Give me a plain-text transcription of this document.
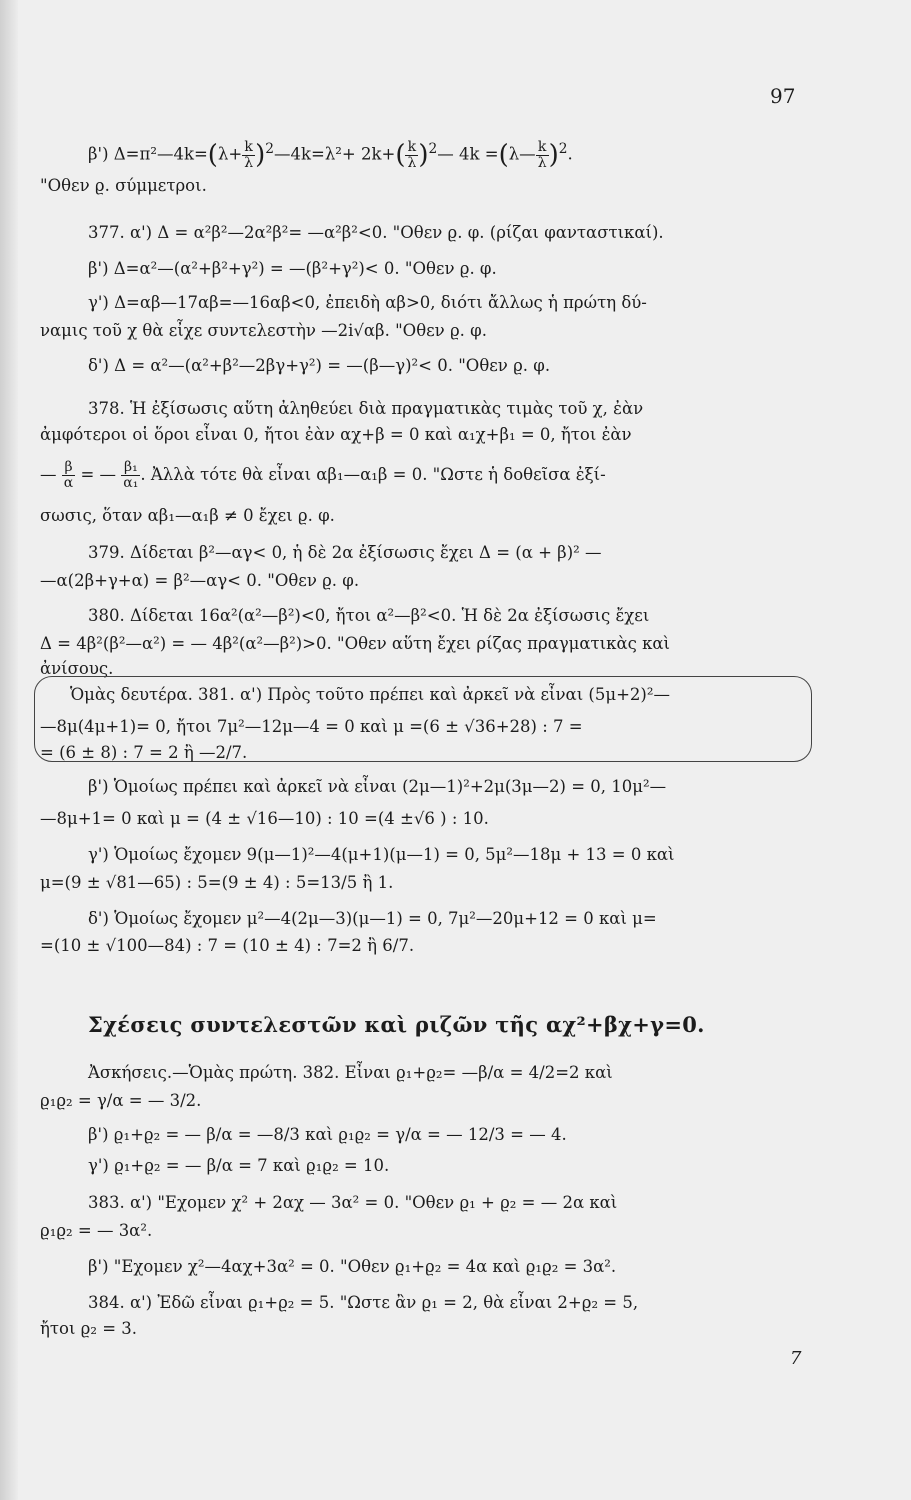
97
β') Δ=π²—4k=(λ+ $\frac{k}{\lambda}$ )$^2$—4k=λ²+ $2k+( \frac{k}{\lambda}$ )$^2—$ 4k =(λ— $\frac{k}{\lambda} )^2$.
"Οθεν ϱ. σύμμετροι.
377. α') Δ = α²β²—2α²β²= —α²β²<0. "Οθεν ϱ. φ. (ρίζαι φανταστικαί).
β') Δ=α²—(α²+β²+γ²) = —(β²+γ²)< 0. "Οθεν ϱ. φ.
γ') Δ=αβ—17αβ=—16αβ<0, ἐπειδὴ αβ>0, διότι ἄλλως ἡ πρώτη δύ-
ναμις τοῦ χ θὰ εἶχε συντελεστὴν —2i√αβ. "Οθεν ϱ. φ.
δ') Δ = α²—(α²+β²—2βγ+γ²) = —(β—γ)²< 0. "Οθεν ϱ. φ.
378. Ἡ ἐξίσωσις αὕτη ἀληθεύει διὰ πραγματικὰς τιμὰς τοῦ χ, ἐὰν
ἀμφότεροι οἱ ὅροι εἶναι 0, ἤτοι ἐὰν αχ+β = 0 καὶ α₁χ+β₁ = 0, ἤτοι ἐὰν
— $\frac{\beta}{\alpha}$ = — $\frac{\text{β₁}}{\text{α₁}}$ . Ἀλλὰ τότε θὰ εἶναι αβ₁—α₁β = 0. "Ωστε ἡ δοθεῖσα ἐξί-
σωσις, ὅταν αβ₁—α₁β ≠ 0 ἔχει ϱ. φ.
379. Δίδεται β²—αγ< 0, ἡ δὲ 2α ἐξίσωσις ἔχει Δ = (α + β)² —
—α(2β+γ+α) = β²—αγ< 0. "Οθεν ϱ. φ.
380. Δίδεται 16α²(α²—β²)<0, ἤτοι α²—β²<0. Ἡ δὲ 2α ἐξίσωσις ἔχει
Δ = 4β²(β²—α²) = — 4β²(α²—β²)>0. "Οθεν αὕτη ἔχει ρίζας πραγματικὰς καὶ
ἀνίσους.
Ὁμὰς δευτέρα. 381. α') Πρὸς τοῦτο πρέπει καὶ ἀρκεῖ νὰ εἶναι (5μ+2)²—
—8μ(4μ+1)= 0, ἤτοι 7μ²—12μ—4 = 0 καὶ μ =(6 ± √36+28) : 7 =
= (6 ± 8) : 7 = 2 ἢ —2/7.
β') Ὁμοίως πρέπει καὶ ἀρκεῖ νὰ εἶναι (2μ—1)²+2μ(3μ—2) = 0, 10μ²—
—8μ+1= 0 καὶ μ = (4 ± √16—10) : 10 =(4 ±√6 ) : 10.
γ') Ὁμοίως ἔχομεν 9(μ—1)²—4(μ+1)(μ—1) = 0, 5μ²—18μ + 13 = 0 καὶ
μ=(9 ± √81—65) : 5=(9 ± 4) : 5=13/5 ἢ 1.
δ') Ὁμοίως ἔχομεν μ²—4(2μ—3)(μ—1) = 0, 7μ²—20μ+12 = 0 καὶ μ=
=(10 ± √100—84) : 7 = (10 ± 4) : 7=2 ἢ 6/7.
Σχέσεις συντελεστῶν καὶ ριζῶν τῆς αχ²+βχ+γ=0.
Ἀσκήσεις.—Ὁμὰς πρώτη. 382. Εἶναι ϱ₁+ϱ₂= —β/α = 4/2=2 καὶ
ϱ₁ϱ₂ = γ/α = — 3/2.
β') ϱ₁+ϱ₂ = — β/α = —8/3 καὶ ϱ₁ϱ₂ = γ/α = — 12/3 = — 4.
γ') ϱ₁+ϱ₂ = — β/α = 7 καὶ ϱ₁ϱ₂ = 10.
383. α') "Εχομεν χ² + 2αχ — 3α² = 0. "Οθεν ϱ₁ + ϱ₂ = — 2α καὶ
ϱ₁ϱ₂ = — 3α².
β') "Εχομεν χ²—4αχ+3α² = 0. "Οθεν ϱ₁+ϱ₂ = 4α καὶ ϱ₁ϱ₂ = 3α².
384. α') Ἐδῶ εἶναι ϱ₁+ϱ₂ = 5. "Ωστε ἂν ϱ₁ = 2, θὰ εἶναι 2+ϱ₂ = 5,
ἤτοι ϱ₂ = 3.
7
